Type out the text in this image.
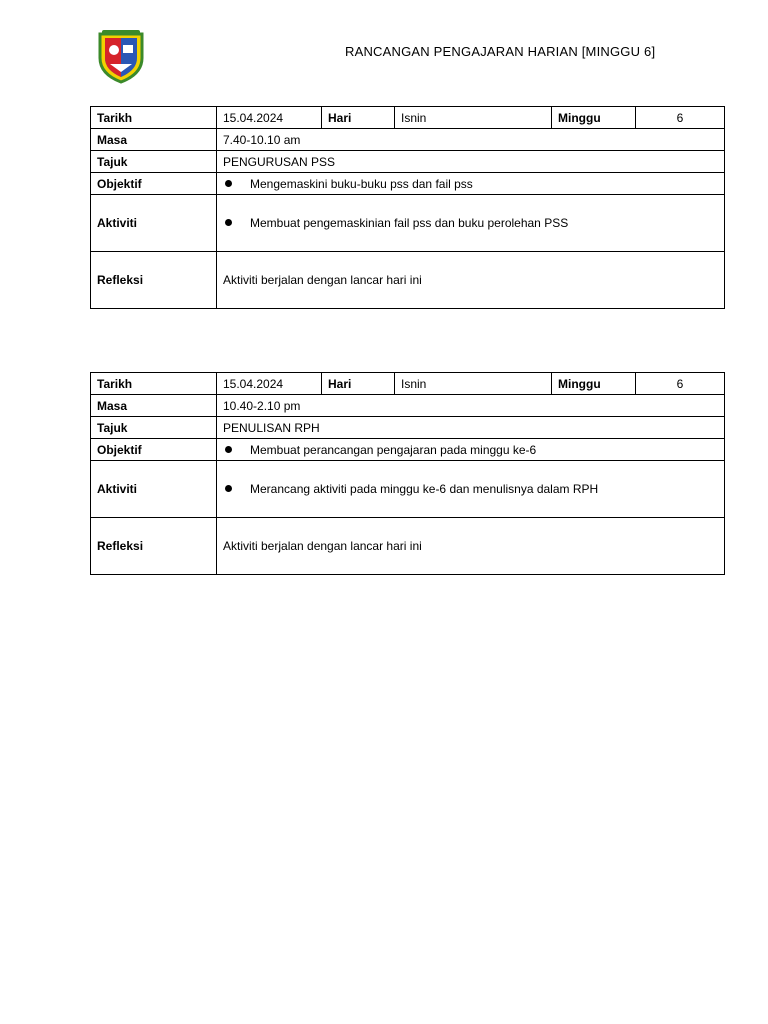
RANCANGAN PENGAJARAN HARIAN [MINGGU 6]
Tarikh	15.04.2024	Hari	Isnin	Minggu	6
Masa	7.40-10.10 am				
Tajuk	PENGURUSAN PSS				
Objektif	Mengemaskini buku-buku pss dan fail pss				
Aktiviti	Membuat pengemaskinian fail pss dan buku perolehan PSS				
Refleksi	Aktiviti berjalan dengan lancar hari ini				
Tarikh	15.04.2024	Hari	Isnin	Minggu	6
Masa	10.40-2.10 pm				
Tajuk	PENULISAN RPH				
Objektif	Membuat perancangan pengajaran pada minggu ke-6				
Aktiviti	Merancang aktiviti pada minggu ke-6 dan menulisnya dalam RPH				
Refleksi	Aktiviti berjalan dengan lancar hari ini				
